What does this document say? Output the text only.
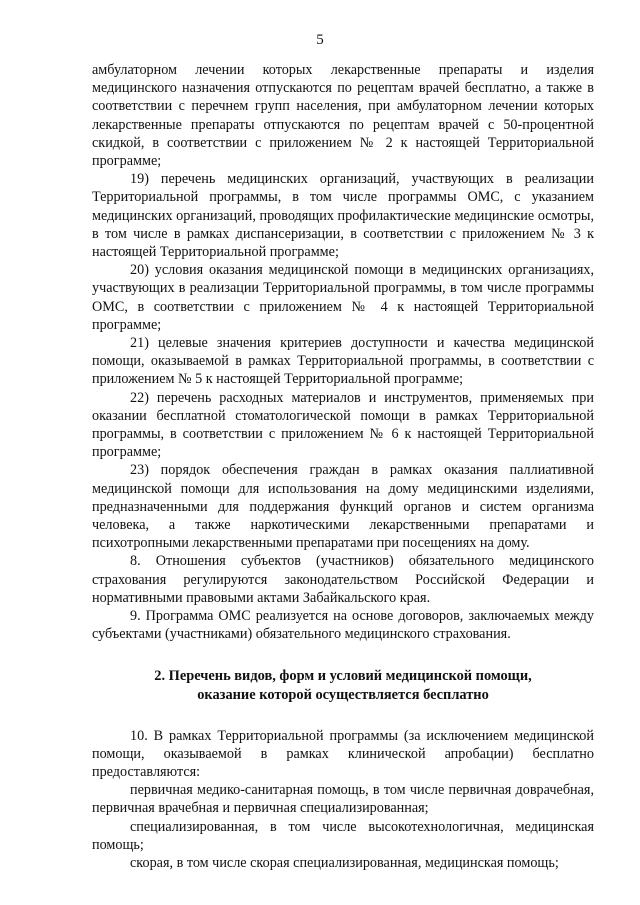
5

амбулаторном лечении которых лекарственные препараты и изделия медицинского назначения отпускаются по рецептам врачей бесплатно, а также в соответствии с перечнем групп населения, при амбулаторном лечении которых лекарственные препараты отпускаются по рецептам врачей с 50-процентной скидкой, в соответствии с приложением № 2 к настоящей Территориальной программе;

19) перечень медицинских организаций, участвующих в реализации Территориальной программы, в том числе программы ОМС, с указанием медицинских организаций, проводящих профилактические медицинские осмотры, в том числе в рамках диспансеризации, в соответствии с приложением № 3 к настоящей Территориальной программе;

20) условия оказания медицинской помощи в медицинских организациях, участвующих в реализации Территориальной программы, в том числе программы ОМС, в соответствии с приложением № 4 к настоящей Территориальной программе;

21) целевые значения критериев доступности и качества медицинской помощи, оказываемой в рамках Территориальной программы, в соответствии с приложением № 5 к настоящей Территориальной программе;

22) перечень расходных материалов и инструментов, применяемых при оказании бесплатной стоматологической помощи в рамках Территориальной программы, в соответствии с приложением № 6 к настоящей Территориальной программе;

23) порядок обеспечения граждан в рамках оказания паллиативной медицинской помощи для использования на дому медицинскими изделиями, предназначенными для поддержания функций органов и систем организма человека, а также наркотическими лекарственными препаратами и психотропными лекарственными препаратами при посещениях на дому.

8. Отношения субъектов (участников) обязательного медицинского страхования регулируются законодательством Российской Федерации и нормативными правовыми актами Забайкальского края.

9. Программа ОМС реализуется на основе договоров, заключаемых между субъектами (участниками) обязательного медицинского страхования.

2. Перечень видов, форм и условий медицинской помощи,
оказание которой осуществляется бесплатно

10. В рамках Территориальной программы (за исключением медицинской помощи, оказываемой в рамках клинической апробации) бесплатно предоставляются:

первичная медико-санитарная помощь, в том числе первичная доврачебная, первичная врачебная и первичная специализированная;

специализированная, в том числе высокотехнологичная, медицинская помощь;

скорая, в том числе скорая специализированная, медицинская помощь;
